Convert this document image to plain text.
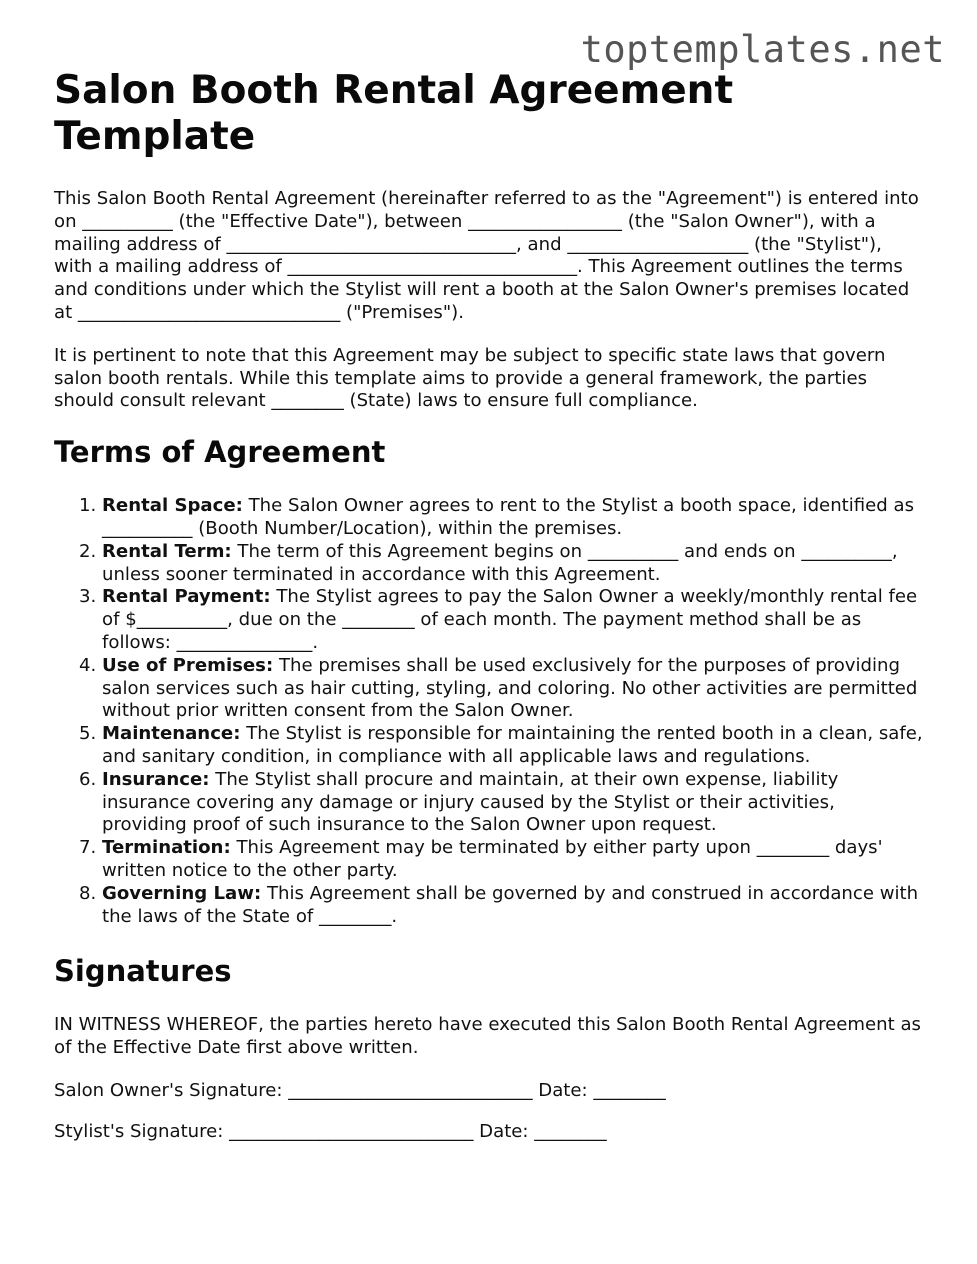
toptemplates.net
Salon Booth Rental Agreement Template

This Salon Booth Rental Agreement (hereinafter referred to as the "Agreement") is entered into on __________ (the "Effective Date"), between _________________ (the "Salon Owner"), with a mailing address of ________________________________, and ____________________ (the "Stylist"), with a mailing address of ________________________________. This Agreement outlines the terms and conditions under which the Stylist will rent a booth at the Salon Owner's premises located at _____________________________ ("Premises").

It is pertinent to note that this Agreement may be subject to specific state laws that govern salon booth rentals. While this template aims to provide a general framework, the parties should consult relevant ________ (State) laws to ensure full compliance.

Terms of Agreement
1. Rental Space: The Salon Owner agrees to rent to the Stylist a booth space, identified as __________ (Booth Number/Location), within the premises.
2. Rental Term: The term of this Agreement begins on __________ and ends on __________, unless sooner terminated in accordance with this Agreement.
3. Rental Payment: The Stylist agrees to pay the Salon Owner a weekly/monthly rental fee of $__________, due on the ________ of each month. The payment method shall be as follows: _______________.
4. Use of Premises: The premises shall be used exclusively for the purposes of providing salon services such as hair cutting, styling, and coloring. No other activities are permitted without prior written consent from the Salon Owner.
5. Maintenance: The Stylist is responsible for maintaining the rented booth in a clean, safe, and sanitary condition, in compliance with all applicable laws and regulations.
6. Insurance: The Stylist shall procure and maintain, at their own expense, liability insurance covering any damage or injury caused by the Stylist or their activities, providing proof of such insurance to the Salon Owner upon request.
7. Termination: This Agreement may be terminated by either party upon ________ days' written notice to the other party.
8. Governing Law: This Agreement shall be governed by and construed in accordance with the laws of the State of ________.
Signatures

IN WITNESS WHEREOF, the parties hereto have executed this Salon Booth Rental Agreement as of the Effective Date first above written.

Salon Owner's Signature: ___________________________ Date: ________

Stylist's Signature: ___________________________ Date: ________
